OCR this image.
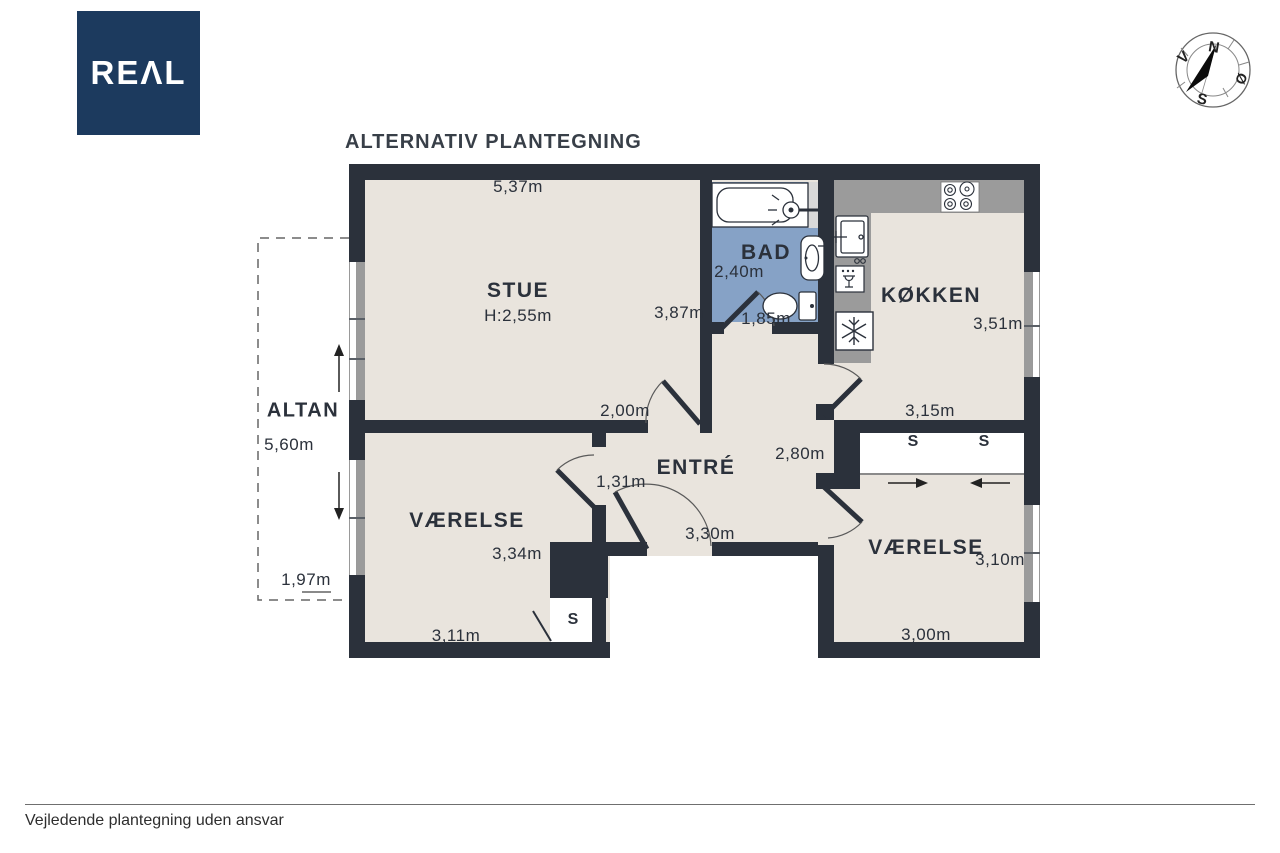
REΛL
ALTERNATIV PLANTEGNING
N
Ø
S
V
STUE
H:2,55m
BAD
KØKKEN
ENTRÉ
VÆRELSE
VÆRELSE
ALTAN
5,37m
3,87m
2,00m
2,40m
1,85m	3,51m
3,15m
2,80m
1,31m
3,30m
3,34m
3,11m
3,10m
3,00m
5,60m
1,97m
S
S	S
Vejledende plantegning uden ansvar
